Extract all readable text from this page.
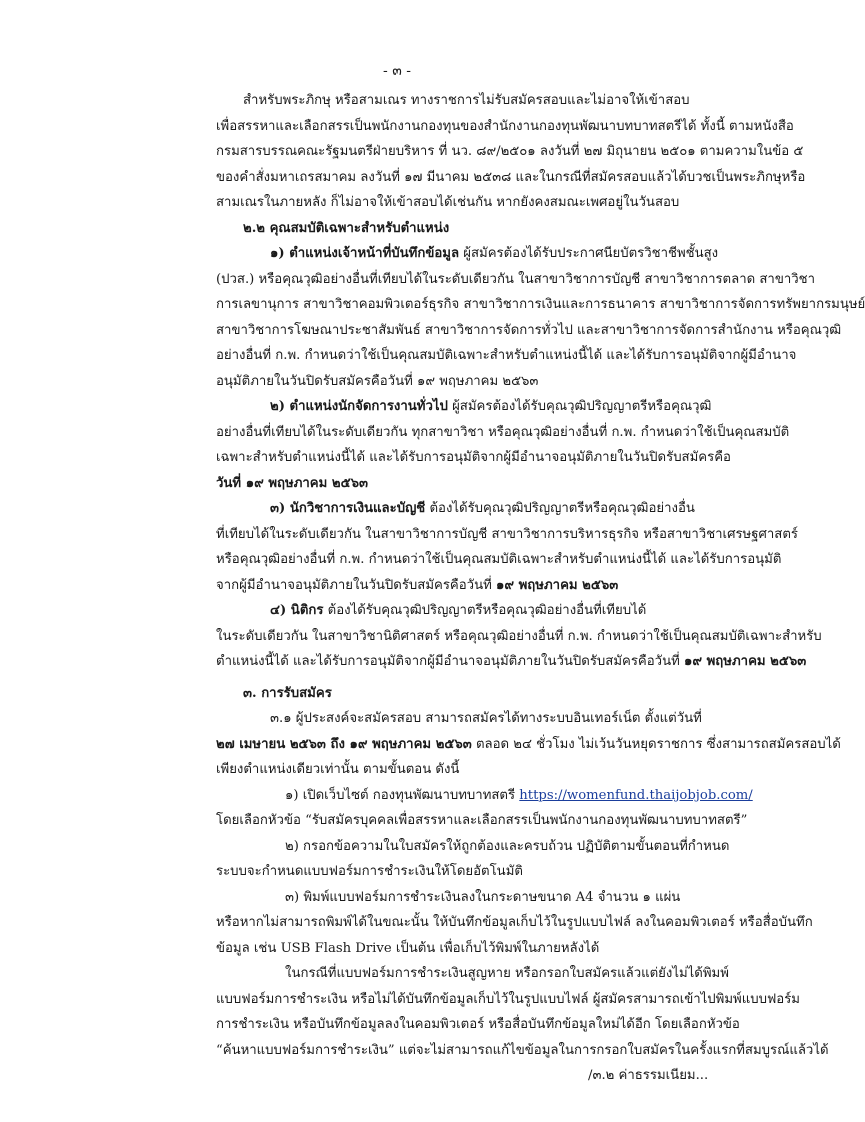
- ๓ -
สำหรับพระภิกษุ หรือสามเณร ทางราชการไม่รับสมัครสอบและไม่อาจให้เข้าสอบ
เพื่อสรรหาและเลือกสรรเป็นพนักงานกองทุนของสำนักงานกองทุนพัฒนาบทบาทสตรีได้ ทั้งนี้ ตามหนังสือ
กรมสารบรรณคณะรัฐมนตรีฝ่ายบริหาร ที่ นว. ๘๙/๒๕๐๑ ลงวันที่ ๒๗ มิถุนายน ๒๕๐๑ ตามความในข้อ ๕
ของคำสั่งมหาเถรสมาคม ลงวันที่ ๑๗ มีนาคม ๒๕๓๘ และในกรณีที่สมัครสอบแล้วได้บวชเป็นพระภิกษุหรือ
สามเณรในภายหลัง ก็ไม่อาจให้เข้าสอบได้เช่นกัน หากยังคงสมณะเพศอยู่ในวันสอบ
๒.๒ คุณสมบัติเฉพาะสำหรับตำแหน่ง
๑) ตำแหน่งเจ้าหน้าที่บันทึกข้อมูล ผู้สมัครต้องได้รับประกาศนียบัตรวิชาชีพชั้นสูง
(ปวส.) หรือคุณวุฒิอย่างอื่นที่เทียบได้ในระดับเดียวกัน ในสาขาวิชาการบัญชี สาขาวิชาการตลาด สาขาวิชา
การเลขานุการ สาขาวิชาคอมพิวเตอร์ธุรกิจ สาขาวิชาการเงินและการธนาคาร สาขาวิชาการจัดการทรัพยากรมนุษย์
สาขาวิชาการโฆษณาประชาสัมพันธ์ สาขาวิชาการจัดการทั่วไป และสาขาวิชาการจัดการสำนักงาน หรือคุณวุฒิ
อย่างอื่นที่ ก.พ. กำหนดว่าใช้เป็นคุณสมบัติเฉพาะสำหรับตำแหน่งนี้ได้ และได้รับการอนุมัติจากผู้มีอำนาจ
อนุมัติภายในวันปิดรับสมัครคือวันที่ ๑๙ พฤษภาคม ๒๕๖๓
๒) ตำแหน่งนักจัดการงานทั่วไป ผู้สมัครต้องได้รับคุณวุฒิปริญญาตรีหรือคุณวุฒิ
อย่างอื่นที่เทียบได้ในระดับเดียวกัน ทุกสาขาวิชา หรือคุณวุฒิอย่างอื่นที่ ก.พ. กำหนดว่าใช้เป็นคุณสมบัติ
เฉพาะสำหรับตำแหน่งนี้ได้ และได้รับการอนุมัติจากผู้มีอำนาจอนุมัติภายในวันปิดรับสมัครคือ
วันที่ ๑๙ พฤษภาคม ๒๕๖๓
๓) นักวิชาการเงินและบัญชี ต้องได้รับคุณวุฒิปริญญาตรีหรือคุณวุฒิอย่างอื่น
ที่เทียบได้ในระดับเดียวกัน ในสาขาวิชาการบัญชี สาขาวิชาการบริหารธุรกิจ หรือสาขาวิชาเศรษฐศาสตร์
หรือคุณวุฒิอย่างอื่นที่ ก.พ. กำหนดว่าใช้เป็นคุณสมบัติเฉพาะสำหรับตำแหน่งนี้ได้ และได้รับการอนุมัติ
จากผู้มีอำนาจอนุมัติภายในวันปิดรับสมัครคือวันที่ ๑๙ พฤษภาคม ๒๕๖๓
๔) นิติกร ต้องได้รับคุณวุฒิปริญญาตรีหรือคุณวุฒิอย่างอื่นที่เทียบได้
ในระดับเดียวกัน ในสาขาวิชานิติศาสตร์ หรือคุณวุฒิอย่างอื่นที่ ก.พ. กำหนดว่าใช้เป็นคุณสมบัติเฉพาะสำหรับ
ตำแหน่งนี้ได้ และได้รับการอนุมัติจากผู้มีอำนาจอนุมัติภายในวันปิดรับสมัครคือวันที่ ๑๙ พฤษภาคม ๒๕๖๓
๓. การรับสมัคร
๓.๑ ผู้ประสงค์จะสมัครสอบ สามารถสมัครได้ทางระบบอินเทอร์เน็ต ตั้งแต่วันที่
๒๗ เมษายน ๒๕๖๓ ถึง ๑๙ พฤษภาคม ๒๕๖๓ ตลอด ๒๔ ชั่วโมง ไม่เว้นวันหยุดราชการ ซึ่งสามารถสมัครสอบได้
เพียงตำแหน่งเดียวเท่านั้น ตามขั้นตอน ดังนี้
๑) เปิดเว็บไซต์ กองทุนพัฒนาบทบาทสตรี https://womenfund.thaijobjob.com/
โดยเลือกหัวข้อ “รับสมัครบุคคลเพื่อสรรหาและเลือกสรรเป็นพนักงานกองทุนพัฒนาบทบาทสตรี”
๒) กรอกข้อความในใบสมัครให้ถูกต้องและครบถ้วน ปฏิบัติตามขั้นตอนที่กำหนด
ระบบจะกำหนดแบบฟอร์มการชำระเงินให้โดยอัตโนมัติ
๓) พิมพ์แบบฟอร์มการชำระเงินลงในกระดาษขนาด A4 จำนวน ๑ แผ่น
หรือหากไม่สามารถพิมพ์ได้ในขณะนั้น ให้บันทึกข้อมูลเก็บไว้ในรูปแบบไฟล์ ลงในคอมพิวเตอร์ หรือสื่อบันทึก
ข้อมูล เช่น USB Flash Drive เป็นต้น เพื่อเก็บไว้พิมพ์ในภายหลังได้
ในกรณีที่แบบฟอร์มการชำระเงินสูญหาย หรือกรอกใบสมัครแล้วแต่ยังไม่ได้พิมพ์
แบบฟอร์มการชำระเงิน หรือไม่ได้บันทึกข้อมูลเก็บไว้ในรูปแบบไฟล์ ผู้สมัครสามารถเข้าไปพิมพ์แบบฟอร์ม
การชำระเงิน หรือบันทึกข้อมูลลงในคอมพิวเตอร์ หรือสื่อบันทึกข้อมูลใหม่ได้อีก โดยเลือกหัวข้อ
“ค้นหาแบบฟอร์มการชำระเงิน” แต่จะไม่สามารถแก้ไขข้อมูลในการกรอกใบสมัครในครั้งแรกที่สมบูรณ์แล้วได้
/๓.๒ ค่าธรรมเนียม...
